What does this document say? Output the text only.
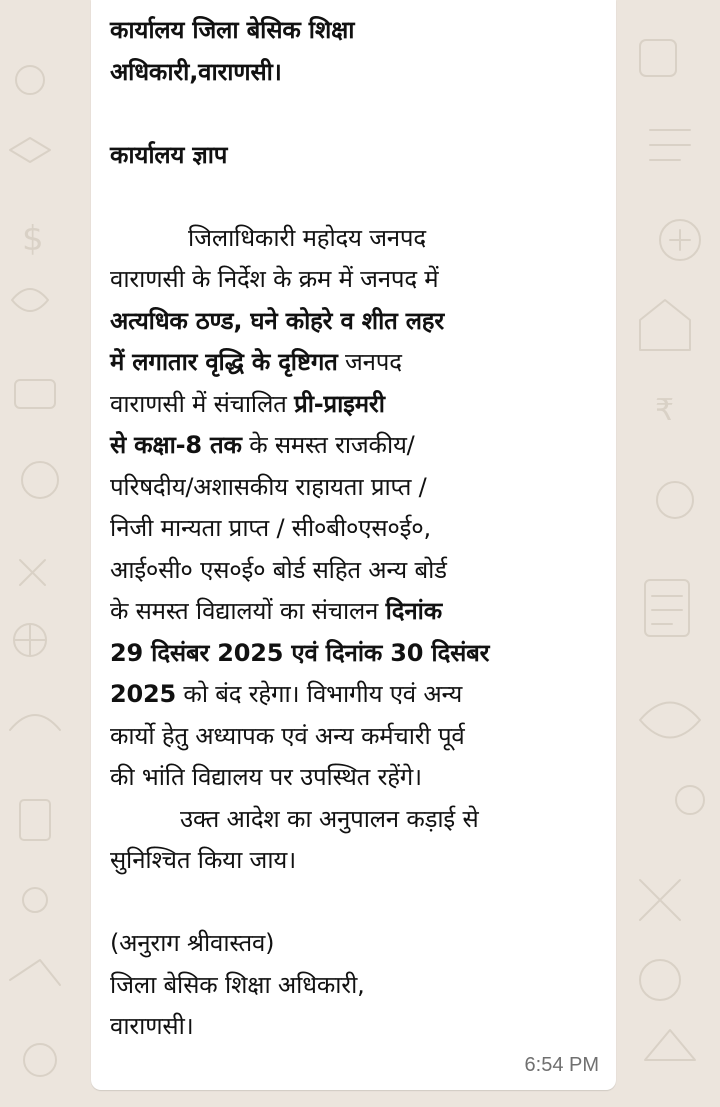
$
₹

कार्यालय जिला बेसिक शिक्षा

अधिकारी,वाराणसी।

कार्यालय ज्ञाप

जिलाधिकारी महोदय जनपद

वाराणसी के निर्देश के क्रम में जनपद में

अत्यधिक ठण्ड, घने कोहरे व शीत लहर

में लगातार वृद्धि के दृष्टिगत जनपद

वाराणसी में संचालित प्री-प्राइमरी

से कक्षा-8 तक के समस्त राजकीय/

परिषदीय/अशासकीय राहायता प्राप्त /

निजी मान्यता प्राप्त / सी०बी०एस०ई०,

आई०सी० एस०ई० बोर्ड सहित अन्य बोर्ड

के समस्त विद्यालयों का संचालन दिनांक

29 दिसंबर 2025 एवं दिनांक 30 दिसंबर

2025 को बंद रहेगा। विभागीय एवं अन्य

कार्यो हेतु अध्यापक एवं अन्य कर्मचारी पूर्व

की भांति विद्यालय पर उपस्थित रहेंगे।

उक्त आदेश का अनुपालन कड़ाई से

सुनिश्चित किया जाय।

(अनुराग श्रीवास्तव)

जिला बेसिक शिक्षा अधिकारी,

वाराणसी।

6:54 PM
